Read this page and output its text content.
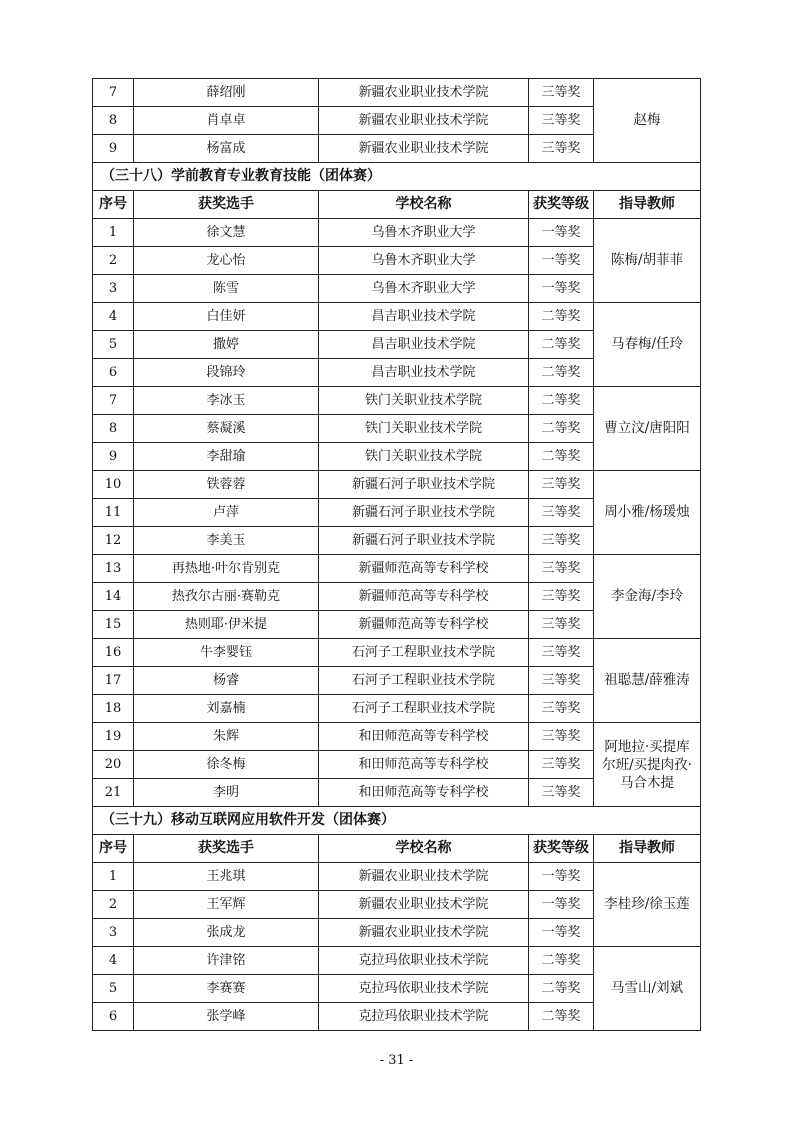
7	薛绍刚	新疆农业职业技术学院	三等奖	赵梅
8	肖卓卓	新疆农业职业技术学院	三等奖	
9	杨富成	新疆农业职业技术学院	三等奖	
（三十八）学前教育专业教育技能（团体赛）				
序号	获奖选手	学校名称	获奖等级	指导教师
1	徐文慧	乌鲁木齐职业大学	一等奖	陈梅/胡菲菲
2	龙心怡	乌鲁木齐职业大学	一等奖	
3	陈雪	乌鲁木齐职业大学	一等奖	
4	白佳妍	昌吉职业技术学院	二等奖	马春梅/任玲
5	撒婷	昌吉职业技术学院	二等奖	
6	段锦玲	昌吉职业技术学院	二等奖	
7	李冰玉	铁门关职业技术学院	二等奖	曹立汶/唐阳阳
8	蔡凝溪	铁门关职业技术学院	二等奖	
9	李甜瑜	铁门关职业技术学院	二等奖	
10	铁蓉蓉	新疆石河子职业技术学院	三等奖	周小雅/杨瑗烛
11	卢萍	新疆石河子职业技术学院	三等奖	
12	李美玉	新疆石河子职业技术学院	三等奖	
13	再热地·叶尔肯别克	新疆师范高等专科学校	三等奖	李金海/李玲
14	热孜尔古丽·赛勒克	新疆师范高等专科学校	三等奖	
15	热则耶·伊米提	新疆师范高等专科学校	三等奖	
16	牛李婴钰	石河子工程职业技术学院	三等奖	祖聪慧/薛雅涛
17	杨睿	石河子工程职业技术学院	三等奖	
18	刘嘉楠	石河子工程职业技术学院	三等奖	
19	朱辉	和田师范高等专科学校	三等奖	阿地拉·买提库尔班/买提肉孜·马合木提
20	徐冬梅	和田师范高等专科学校	三等奖	
21	李明	和田师范高等专科学校	三等奖	
（三十九）移动互联网应用软件开发（团体赛）				
序号	获奖选手	学校名称	获奖等级	指导教师
1	王兆琪	新疆农业职业技术学院	一等奖	李桂珍/徐玉莲
2	王军辉	新疆农业职业技术学院	一等奖	
3	张成龙	新疆农业职业技术学院	一等奖	
4	许津铭	克拉玛依职业技术学院	二等奖	马雪山/刘斌
5	李赛赛	克拉玛依职业技术学院	二等奖	
6	张学峰	克拉玛依职业技术学院	二等奖	
- 31 -
